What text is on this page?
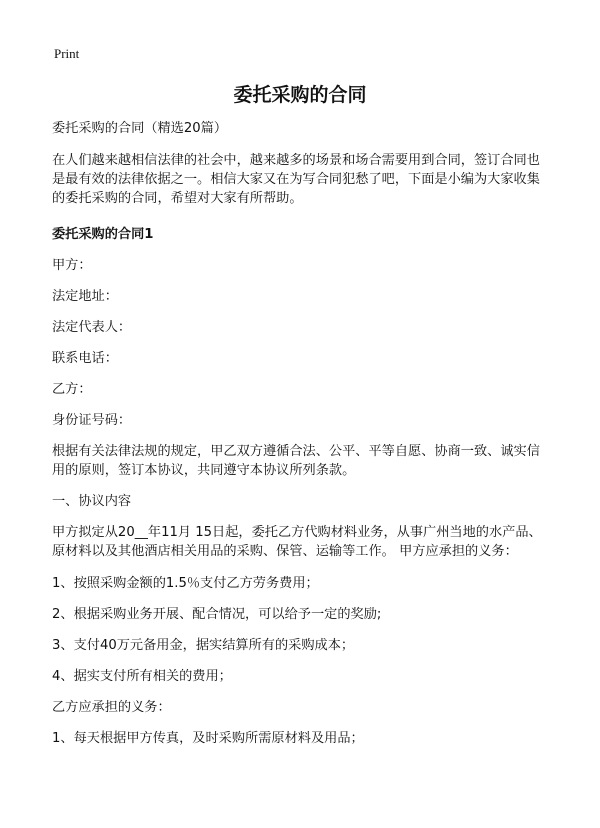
Print
委托采购的合同

委托采购的合同（精选20篇）

在人们越来越相信法律的社会中，越来越多的场景和场合需要用到合同，签订合同也是最有效的法律依据之一。相信大家又在为写合同犯愁了吧，下面是小编为大家收集的委托采购的合同，希望对大家有所帮助。

委托采购的合同1

甲方：

法定地址：

法定代表人：

联系电话：

乙方：

身份证号码：

根据有关法律法规的规定，甲乙双方遵循合法、公平、平等自愿、协商一致、诚实信用的原则，签订本协议，共同遵守本协议所列条款。

一、协议内容

甲方拟定从20__年11月 15日起，委托乙方代购材料业务，从事广州当地的水产品、原材料以及其他酒店相关用品的采购、保管、运输等工作。 甲方应承担的义务：

1、按照采购金额的1.5％支付乙方劳务费用；

2、根据采购业务开展、配合情况，可以给予一定的奖励;

3、支付40万元备用金，据实结算所有的采购成本；

4、据实支付所有相关的费用；

乙方应承担的义务：

1、每天根据甲方传真，及时采购所需原材料及用品；
